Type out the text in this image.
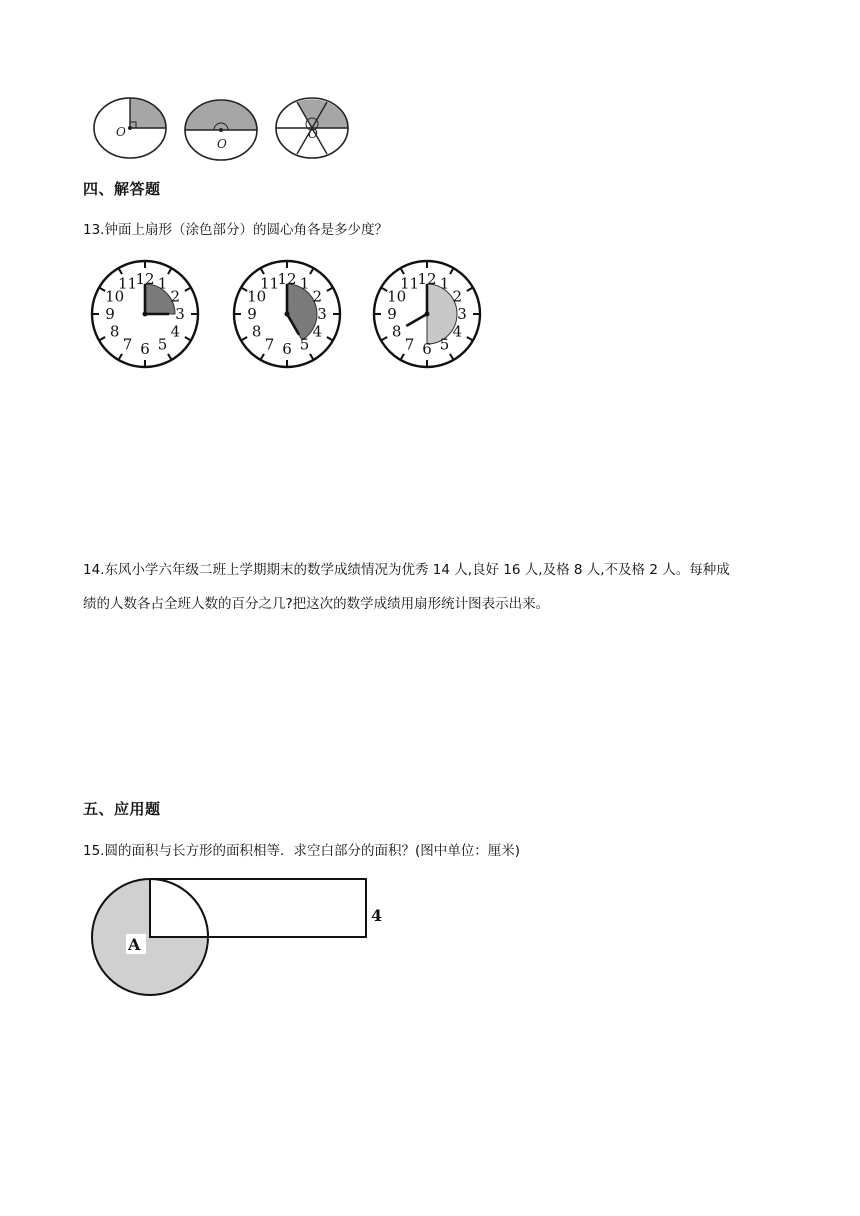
O
O
O
四、解答题
13.钟面上扇形（涂色部分）的圆心角各是多少度？
12 1
2
3
4
5
6
7
8
9
10
11	12 1
2
3
4
5
6
7
8
9
10
11	12 1
2
3
4
5
6
7
8
9
10
11
14.东风小学六年级二班上学期期末的数学成绩情况为优秀 14 人,良好 16 人,及格 8 人,不及格 2 人。每种成
绩的人数各占全班人数的百分之几?把这次的数学成绩用扇形统计图表示出来。
五、应用题
15.圆的面积与长方形的面积相等．求空白部分的面积？(图中单位：厘米)
A
4
